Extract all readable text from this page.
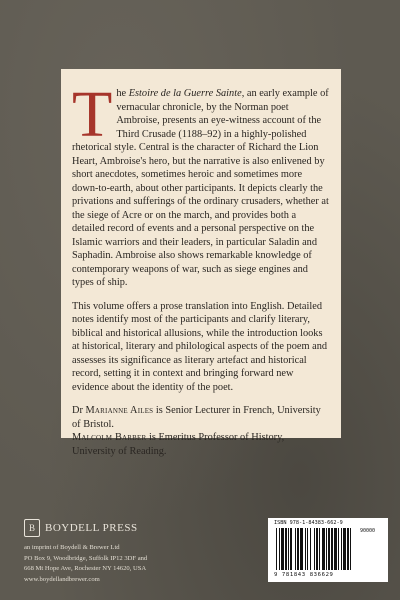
The Estoire de la Guerre Sainte, an early example of vernacular chronicle, by the Norman poet Ambroise, presents an eye-witness account of the Third Crusade (1188–92) in a highly-polished rhetorical style. Central is the character of Richard the Lion Heart, Ambroise's hero, but the narrative is also enlivened by short anecdotes, sometimes heroic and sometimes more down-to-earth, about other participants. It depicts clearly the privations and sufferings of the ordinary crusaders, whether at the siege of Acre or on the march, and provides both a detailed record of events and a personal perspective on the Islamic warriors and their leaders, in particular Saladin and Saphadin. Ambroise also shows remarkable knowledge of contemporary weapons of war, such as siege engines and types of ship.

This volume offers a prose translation into English. Detailed notes identify most of the participants and clarify literary, biblical and historical allusions, while the introduction looks at historical, literary and philological aspects of the poem and assesses its significance as literary artefact and historical record, setting it in context and bringing forward new evidence about the identity of the poet.

Dr Marianne Ailes is Senior Lecturer in French, University of Bristol.

Malcolm Barber is Emeritus Professor of History, University of Reading.

B BOYDELL PRESS
an imprint of Boydell & Brewer Ltd
PO Box 9, Woodbridge, Suffolk IP12 3DF and
668 Mt Hope Ave, Rochester NY 14620, USA
www.boydellandbrewer.com
ISBN 978-1-84383-662-9
90000
9 781843 836629
